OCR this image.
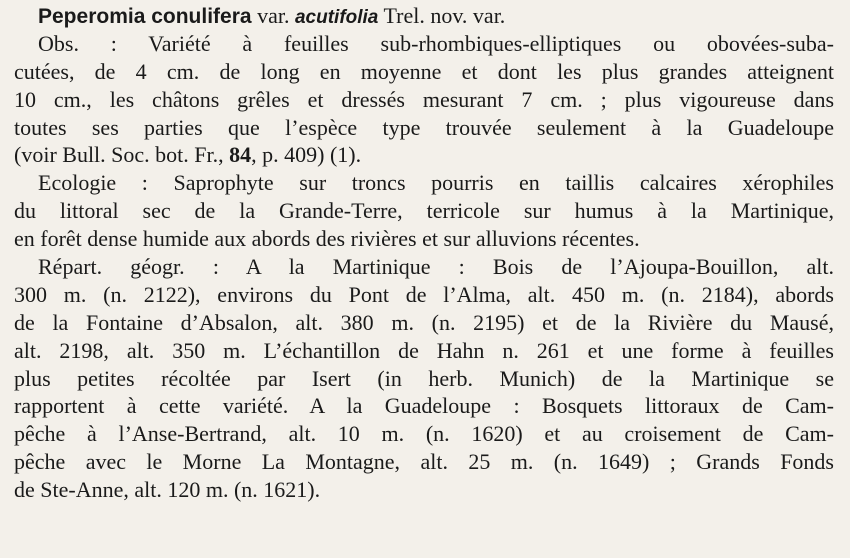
Peperomia conulifera var. acutifolia Trel. nov. var.
Obs. : Variété à feuilles sub-rhombiques-elliptiques ou obovées-suba-
cutées, de 4 cm. de long en moyenne et dont les plus grandes atteignent
10 cm., les châtons grêles et dressés mesurant 7 cm. ; plus vigoureuse dans
toutes ses parties que l’espèce type trouvée seulement à la Guadeloupe
(voir Bull. Soc. bot. Fr., 84, p. 409) (1).
Ecologie : Saprophyte sur troncs pourris en taillis calcaires xérophiles
du littoral sec de la Grande-Terre, terricole sur humus à la Martinique,
en forêt dense humide aux abords des rivières et sur alluvions récentes.
Répart. géogr. : A la Martinique : Bois de l’Ajoupa-Bouillon, alt.
300 m. (n. 2122), environs du Pont de l’Alma, alt. 450 m. (n. 2184), abords
de la Fontaine d’Absalon, alt. 380 m. (n. 2195) et de la Rivière du Mausé,
alt. 2198, alt. 350 m. L’échantillon de Hahn n. 261 et une forme à feuilles
plus petites récoltée par Isert (in herb. Munich) de la Martinique se
rapportent à cette variété. A la Guadeloupe : Bosquets littoraux de Cam-
pêche à l’Anse-Bertrand, alt. 10 m. (n. 1620) et au croisement de Cam-
pêche avec le Morne La Montagne, alt. 25 m. (n. 1649) ; Grands Fonds
de Ste-Anne, alt. 120 m. (n. 1621).
